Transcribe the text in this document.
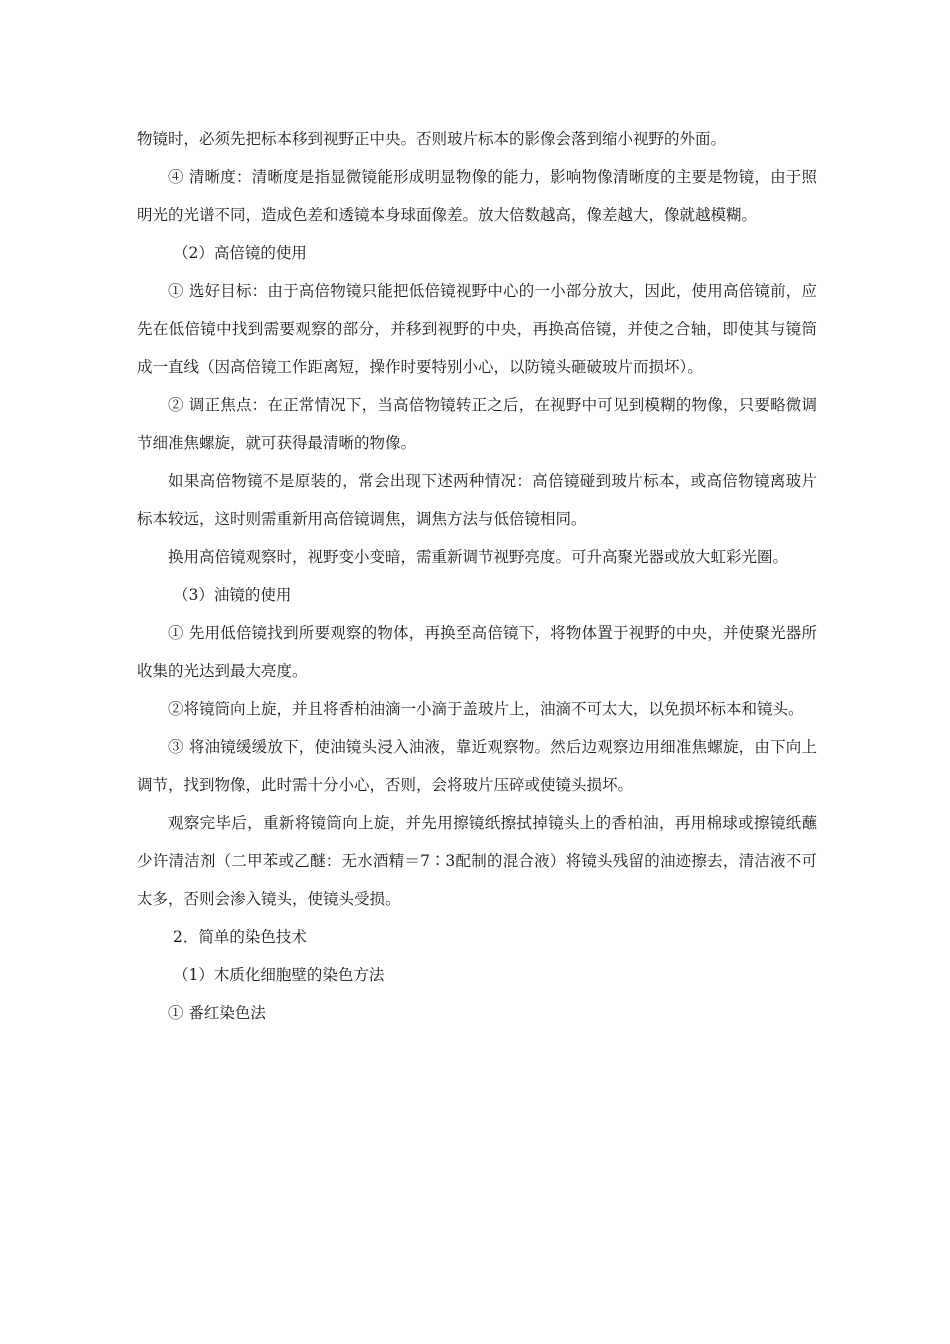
物镜时，必须先把标本移到视野正中央。否则玻片标本的影像会落到缩小视野的外面。

④ 清晰度：清晰度是指显微镜能形成明显物像的能力，影响物像清晰度的主要是物镜，由于照明光的光谱不同，造成色差和透镜本身球面像差。放大倍数越高，像差越大，像就越模糊。

（2）高倍镜的使用

① 选好目标：由于高倍物镜只能把低倍镜视野中心的一小部分放大，因此，使用高倍镜前，应先在低倍镜中找到需要观察的部分，并移到视野的中央，再换高倍镜，并使之合轴，即使其与镜筒成一直线（因高倍镜工作距离短，操作时要特别小心，以防镜头砸破玻片而损坏）。

② 调正焦点：在正常情况下，当高倍物镜转正之后，在视野中可见到模糊的物像，只要略微调节细准焦螺旋，就可获得最清晰的物像。

如果高倍物镜不是原装的，常会出现下述两种情况：高倍镜碰到玻片标本，或高倍物镜离玻片标本较远，这时则需重新用高倍镜调焦，调焦方法与低倍镜相同。

换用高倍镜观察时，视野变小变暗，需重新调节视野亮度。可升高聚光器或放大虹彩光圈。

（3）油镜的使用

① 先用低倍镜找到所要观察的物体，再换至高倍镜下，将物体置于视野的中央，并使聚光器所收集的光达到最大亮度。

②将镜筒向上旋，并且将香柏油滴一小滴于盖玻片上，油滴不可太大，以免损坏标本和镜头。

③ 将油镜缓缓放下，使油镜头浸入油液，靠近观察物。然后边观察边用细准焦螺旋，由下向上调节，找到物像，此时需十分小心，否则，会将玻片压碎或使镜头损坏。

观察完毕后，重新将镜筒向上旋，并先用擦镜纸擦拭掉镜头上的香柏油，再用棉球或擦镜纸蘸少许清洁剂（二甲苯或乙醚：无水酒精＝7∶3配制的混合液）将镜头残留的油迹擦去，清洁液不可太多，否则会渗入镜头，使镜头受损。

2．简单的染色技术

（1）木质化细胞壁的染色方法

① 番红染色法
